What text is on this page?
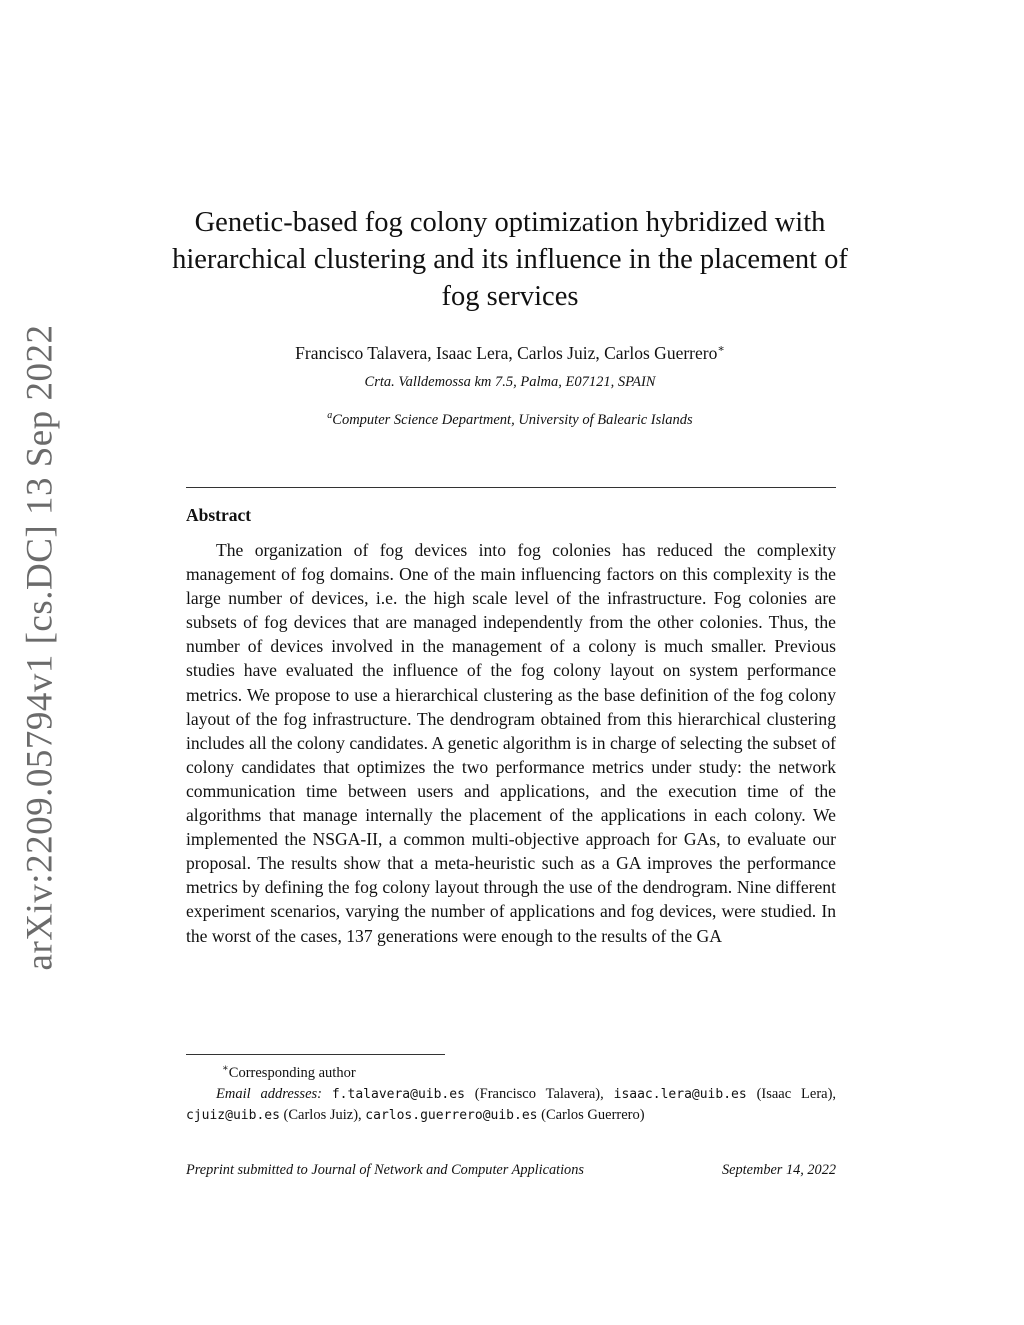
arXiv:2209.05794v1 [cs.DC] 13 Sep 2022
Genetic-based fog colony optimization hybridized with hierarchical clustering and its influence in the placement of fog services
Francisco Talavera, Isaac Lera, Carlos Juiz, Carlos Guerrero∗
Crta. Valldemossa km 7.5, Palma, E07121, SPAIN
$^a$Computer Science Department, University of Balearic Islands
Abstract

The organization of fog devices into fog colonies has reduced the complexity management of fog domains. One of the main influencing factors on this complexity is the large number of devices, i.e. the high scale level of the infrastructure. Fog colonies are subsets of fog devices that are managed independently from the other colonies. Thus, the number of devices involved in the management of a colony is much smaller. Previous studies have evaluated the influence of the fog colony layout on system performance metrics. We propose to use a hierarchical clustering as the base definition of the fog colony layout of the fog infrastructure. The dendrogram obtained from this hierarchical clustering includes all the colony candidates. A genetic algorithm is in charge of selecting the subset of colony candidates that optimizes the two performance metrics under study: the network communication time between users and applications, and the execution time of the algorithms that manage internally the placement of the applications in each colony. We implemented the NSGA-II, a common multi-objective approach for GAs, to evaluate our proposal. The results show that a meta-heuristic such as a GA improves the performance metrics by defining the fog colony layout through the use of the dendrogram. Nine different experiment scenarios, varying the number of applications and fog devices, were studied. In the worst of the cases, 137 generations were enough to the results of the GA

∗Corresponding author

Email addresses: f.talavera@uib.es (Francisco Talavera), isaac.lera@uib.es (Isaac Lera), cjuiz@uib.es (Carlos Juiz), carlos.guerrero@uib.es (Carlos Guerrero)

Preprint submitted to Journal of Network and Computer Applications	September 14, 2022
